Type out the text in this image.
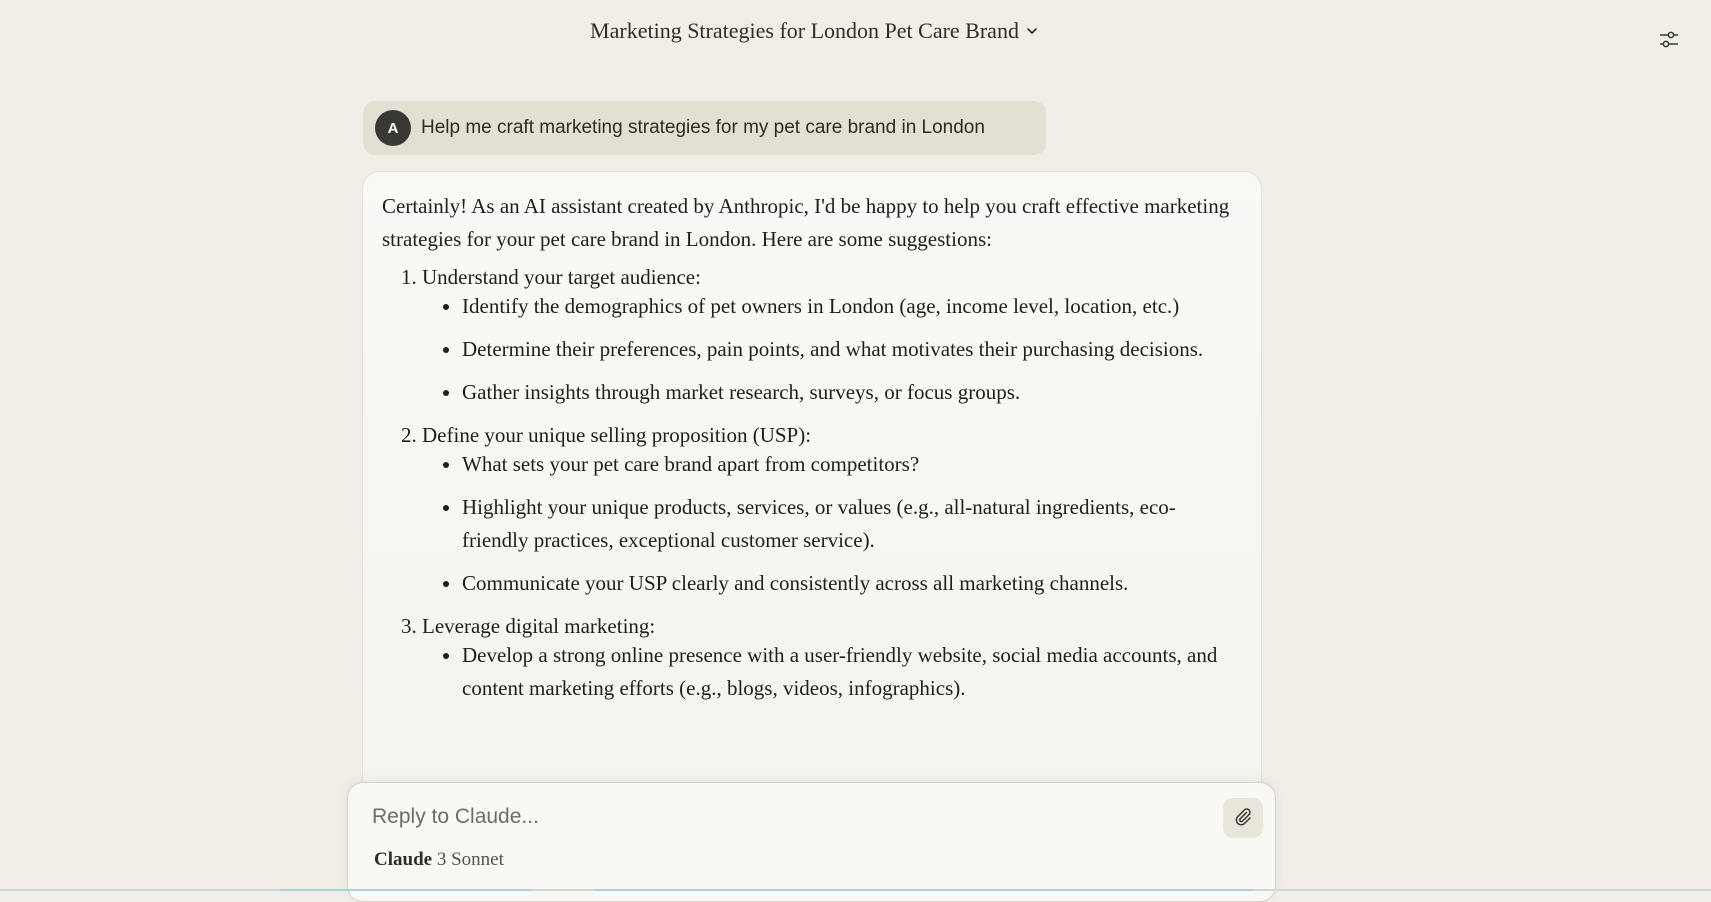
Marketing Strategies for London Pet Care Brand
A	Help me craft marketing strategies for my pet care brand in London

Certainly! As an AI assistant created by Anthropic, I'd be happy to help you craft effective marketing strategies for your pet care brand in London. Here are some suggestions:

1. Understand your target audience:
• Identify the demographics of pet owners in London (age, income level, location, etc.)
• Determine their preferences, pain points, and what motivates their purchasing decisions.
• Gather insights through market research, surveys, or focus groups.
2. Define your unique selling proposition (USP):
• What sets your pet care brand apart from competitors?
• Highlight your unique products, services, or values (e.g., all-natural ingredients, eco-friendly practices, exceptional customer service).
• Communicate your USP clearly and consistently across all marketing channels.
3. Leverage digital marketing:
• Develop a strong online presence with a user-friendly website, social media accounts, and content marketing efforts (e.g., blogs, videos, infographics).
Reply to Claude...
Claude 3 Sonnet
